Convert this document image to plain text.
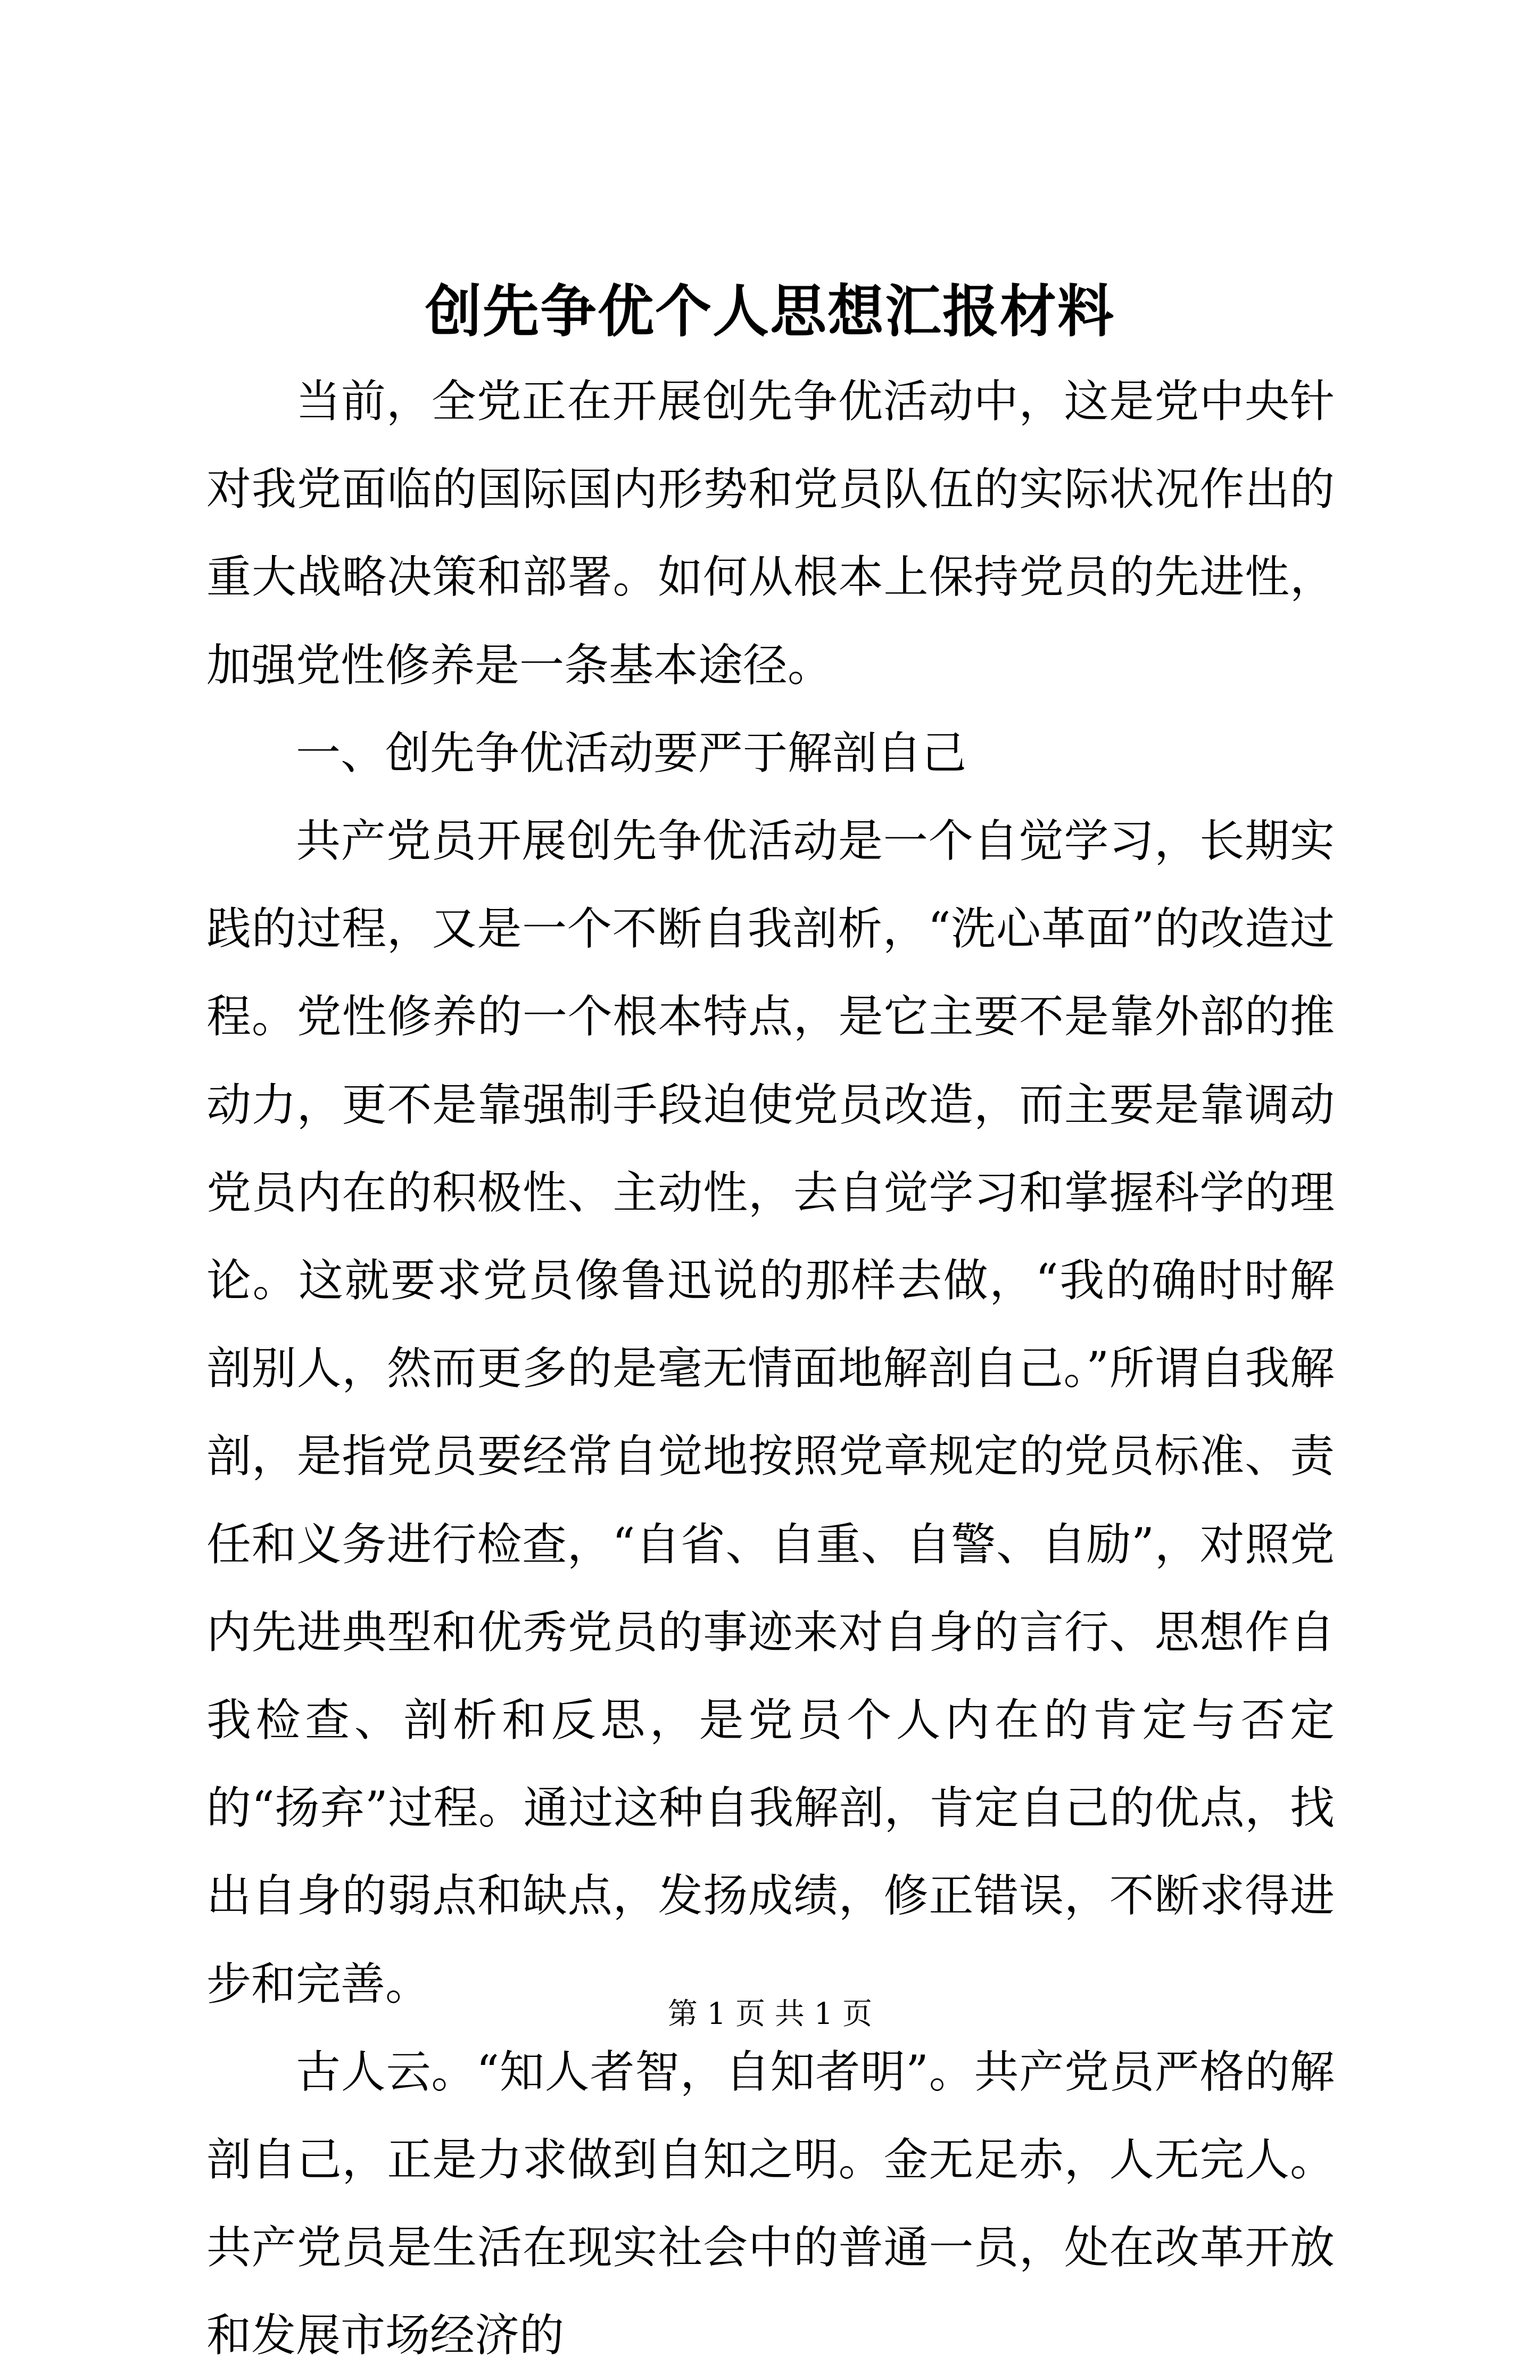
创先争优个人思想汇报材料

当前，全党正在开展创先争优活动中，这是党中央针对我党面临的国际国内形势和党员队伍的实际状况作出的重大战略决策和部署。如何从根本上保持党员的先进性，加强党性修养是一条基本途径。

一、创先争优活动要严于解剖自己

共产党员开展创先争优活动是一个自觉学习，长期实践的过程，又是一个不断自我剖析，“洗心革面”的改造过程。党性修养的一个根本特点，是它主要不是靠外部的推动力，更不是靠强制手段迫使党员改造，而主要是靠调动党员内在的积极性、主动性，去自觉学习和掌握科学的理论。这就要求党员像鲁迅说的那样去做，“我的确时时解剖别人，然而更多的是毫无情面地解剖自己。”所谓自我解剖，是指党员要经常自觉地按照党章规定的党员标准、责任和义务进行检查，“自省、自重、自警、自励”，对照党内先进典型和优秀党员的事迹来对自身的言行、思想作自我检查、剖析和反思，是党员个人内在的肯定与否定的“扬弃”过程。通过这种自我解剖，肯定自己的优点，找出自身的弱点和缺点，发扬成绩，修正错误，不断求得进步和完善。

古人云。“知人者智，自知者明”。共产党员严格的解剖自己，正是力求做到自知之明。金无足赤，人无完人。共产党员是生活在现实社会中的普通一员，处在改革开放和发展市场经济的

第 1 页 共 1 页
